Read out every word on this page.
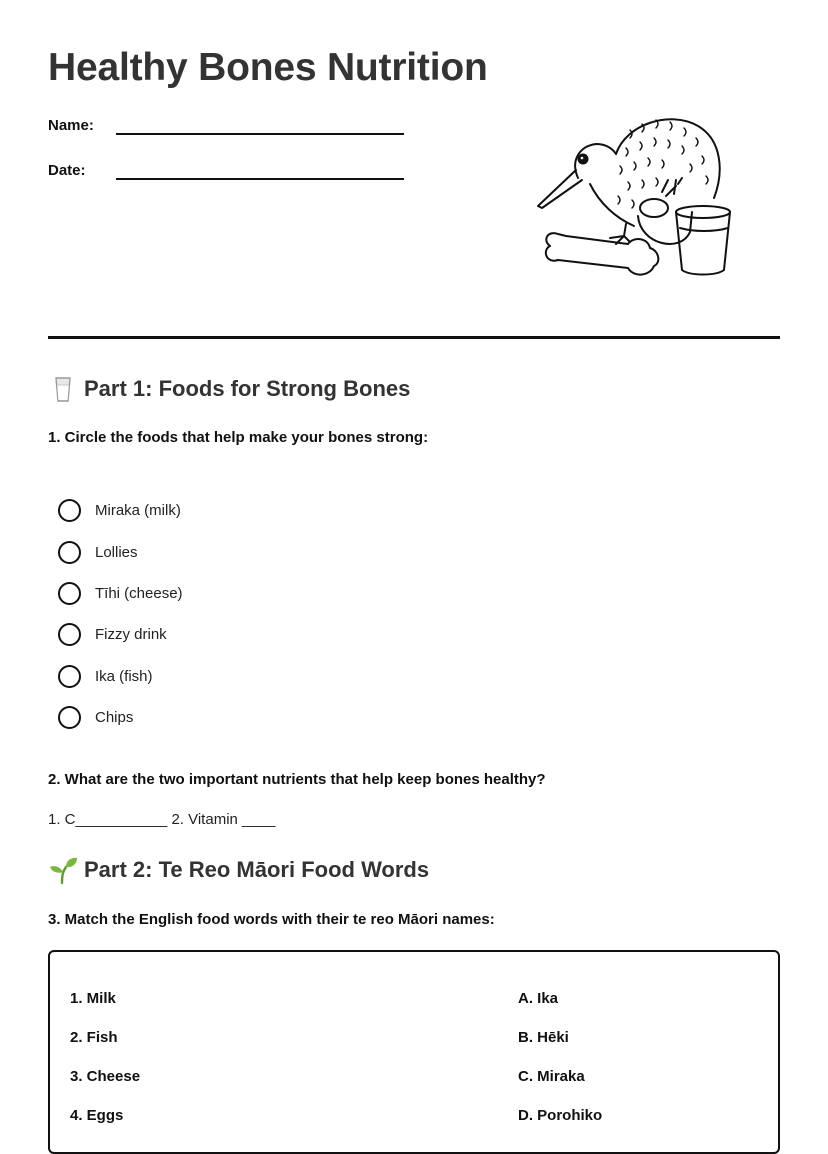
Healthy Bones Nutrition
Name:
Date:
Part 1: Foods for Strong Bones
1. Circle the foods that help make your bones strong:
Miraka (milk)
Lollies
Tīhi (cheese)
Fizzy drink
Ika (fish)
Chips
2. What are the two important nutrients that help keep bones healthy?
1. C___________ 2. Vitamin ____
Part 2: Te Reo Māori Food Words
3. Match the English food words with their te reo Māori names:
1. Milk
2. Fish
3. Cheese
4. Eggs
A. Ika
B. Hēki
C. Miraka
D. Porohiko
